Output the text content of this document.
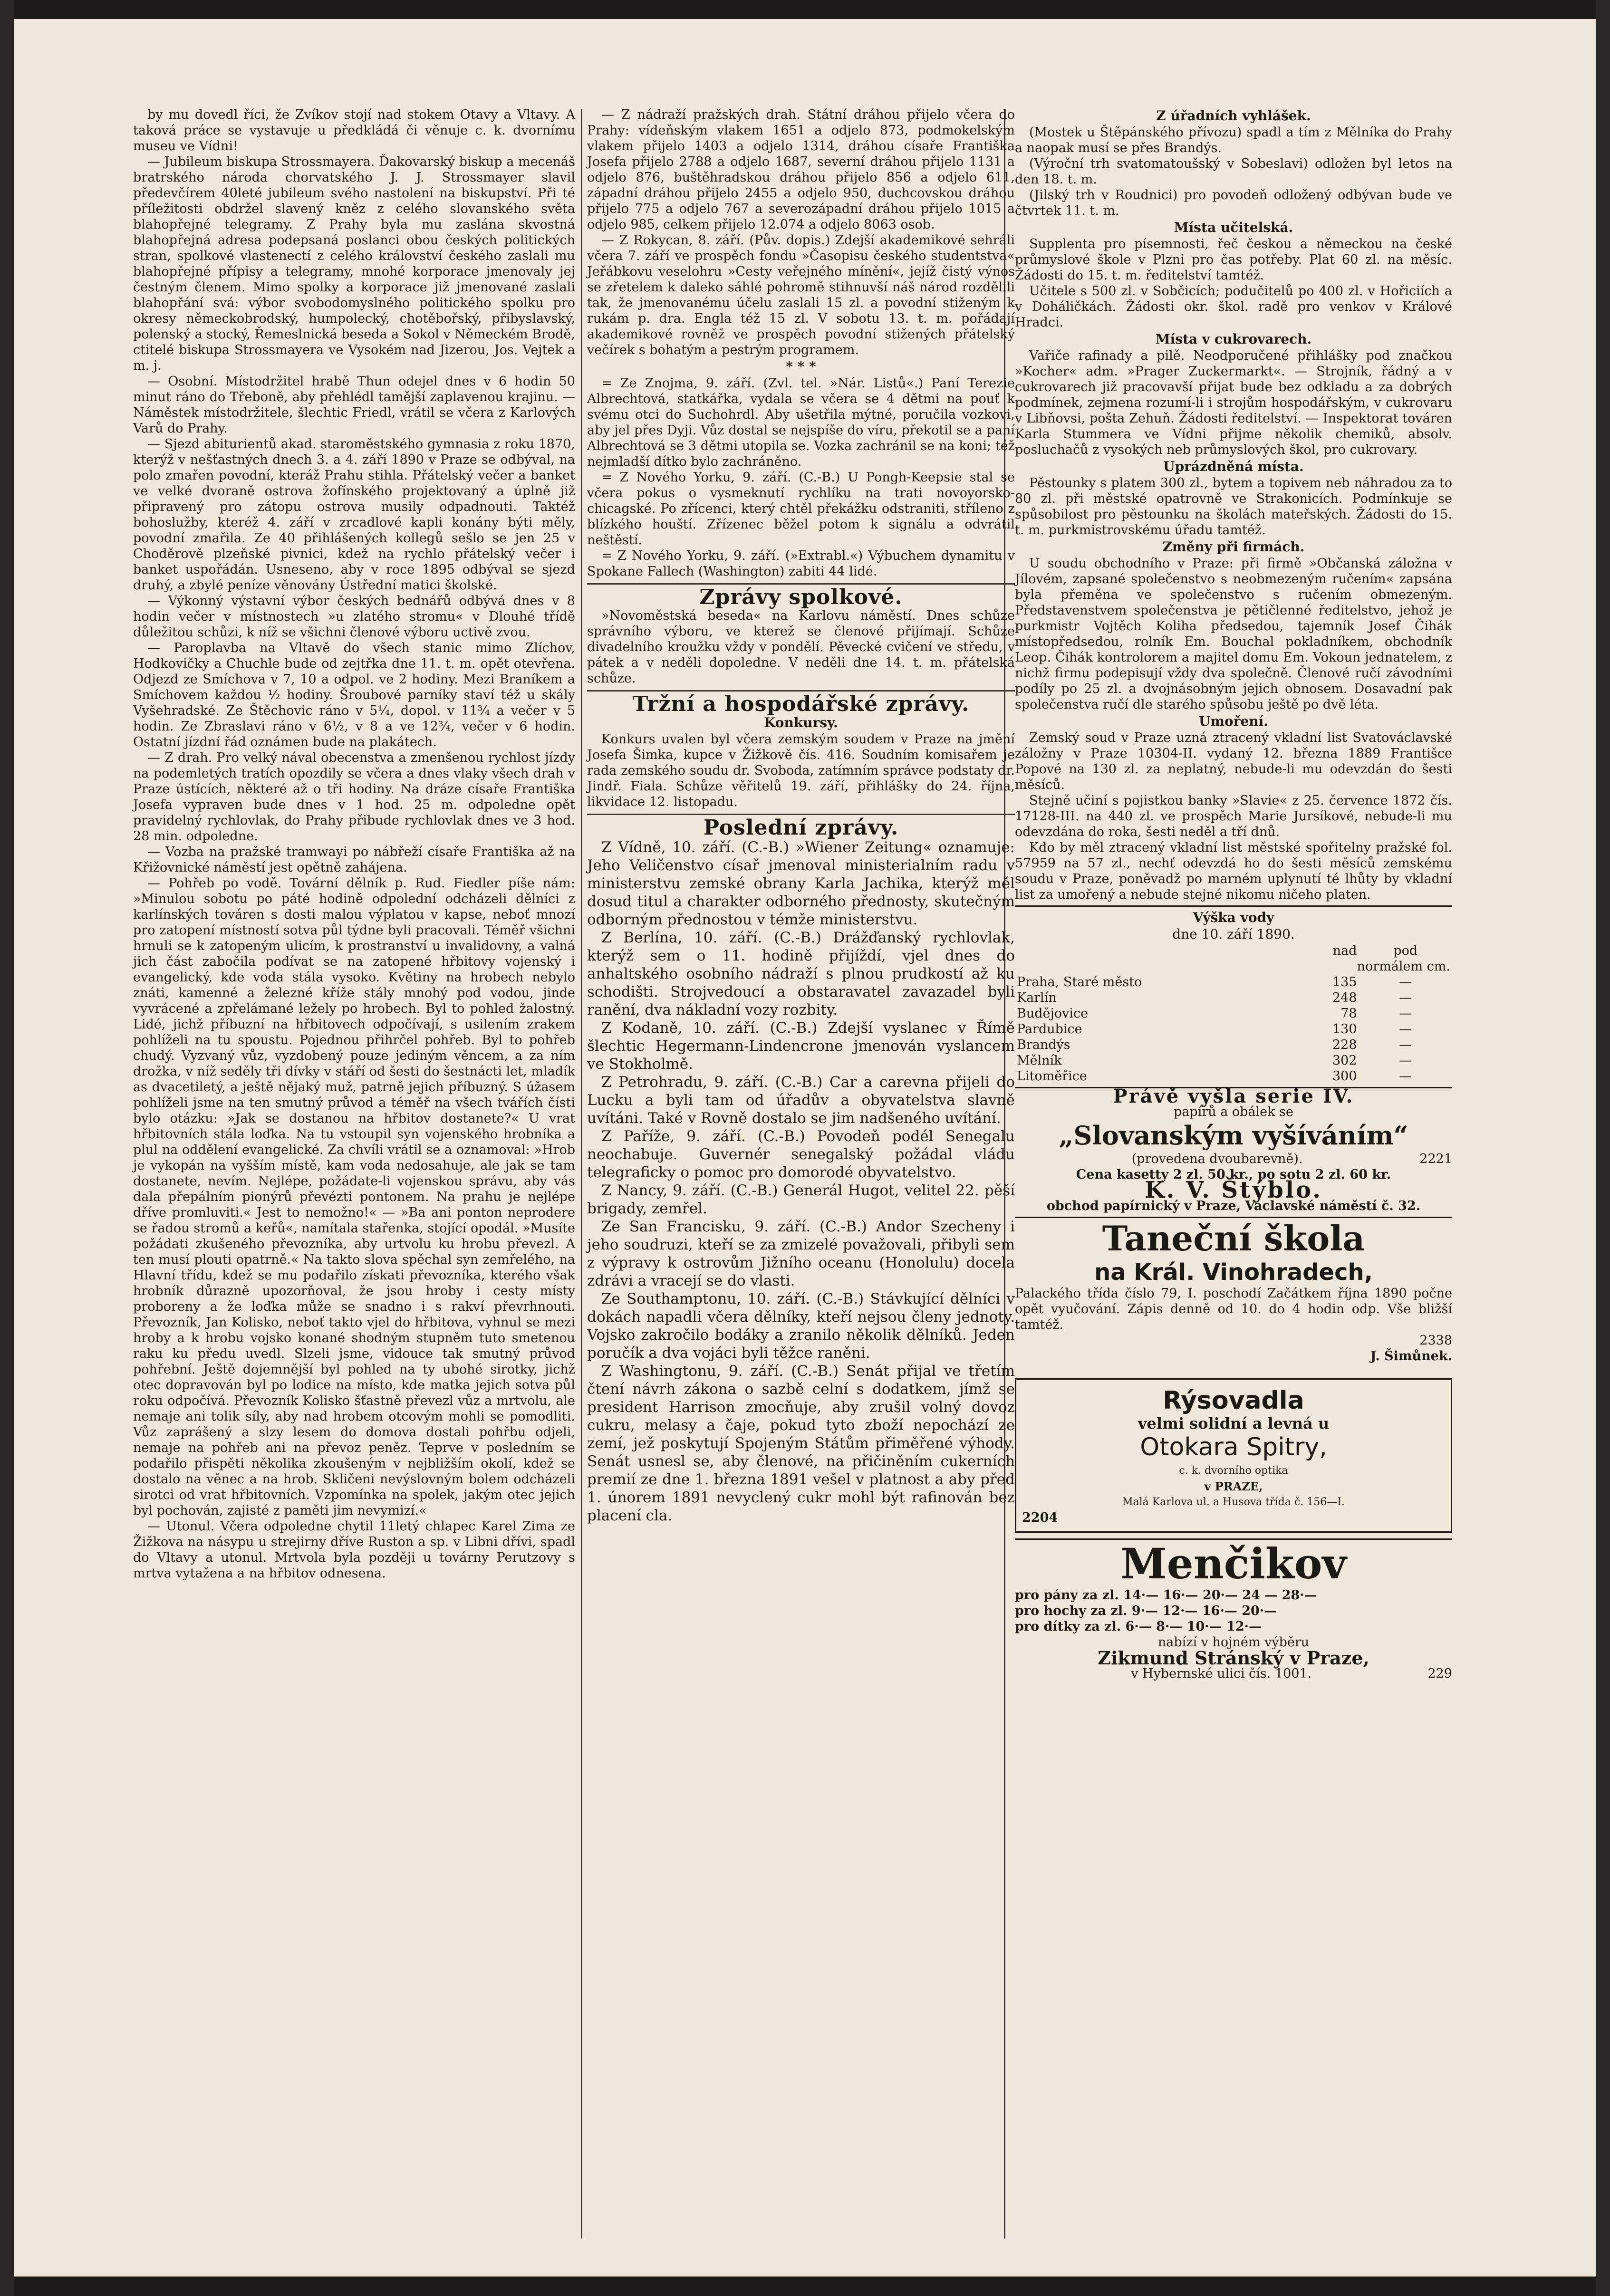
by mu dovedl říci, že Zvíkov stojí nad stokem Otavy a Vltavy. A taková práce se vystavuje u předkládá či věnuje c. k. dvornímu museu ve Vídni!

— Jubileum biskupa Strossmayera. Ďakovarský biskup a mecenáš bratrského národa chorvatského J. J. Strossmayer slavil předevčírem 40leté jubileum svého nastolení na biskupství. Při té příležitosti obdržel slavený kněz z celého slovanského světa blahopřejné telegramy. Z Prahy byla mu zaslána skvostná blahopřejná adresa podepsaná poslanci obou českých politických stran, spolkové vlastenectí z celého království českého zaslali mu blahopřejné přípisy a telegramy, mnohé korporace jmenovaly jej čestným členem. Mimo spolky a korporace již jmenované zaslali blahopřání svá: výbor svobodomyslného politického spolku pro okresy německobrodský, humpolecký, chotěbořský, přibyslavský, polenský a stocký, Řemeslnická beseda a Sokol v Německém Brodě, ctitelé biskupa Strossmayera ve Vysokém nad Jizerou, Jos. Vejtek a m. j.

— Osobní. Místodržitel hrabě Thun odejel dnes v 6 hodin 50 minut ráno do Třeboně, aby přehlédl tamější zaplavenou krajinu. — Náměstek místodržitele, šlechtic Friedl, vrátil se včera z Karlových Varů do Prahy.

— Sjezd abiturientů akad. staroměstského gymnasia z roku 1870, kterýž v nešťastných dnech 3. a 4. září 1890 v Praze se odbýval, na polo zmařen povodní, kteráž Prahu stihla. Přátelský večer a banket ve velké dvoraně ostrova žofínského projektovaný a úplně již připravený pro zátopu ostrova musily odpadnouti. Taktéž bohoslužby, kteréž 4. září v zrcadlové kapli konány býti měly, povodní zmařila. Ze 40 přihlášených kollegů sešlo se jen 25 v Choděrově plzeňské pivnici, kdež na rychlo přátelský večer i banket uspořádán. Usneseno, aby v roce 1895 odbýval se sjezd druhý, a zbylé peníze věnovány Ústřední matici školské.

— Výkonný výstavní výbor českých bednářů odbývá dnes v 8 hodin večer v místnostech »u zlatého stromu« v Dlouhé třídě důležitou schůzi, k níž se všichni členové výboru uctivě zvou.

— Paroplavba na Vltavě do všech stanic mimo Zlíchov, Hodkovičky a Chuchle bude od zejtřka dne 11. t. m. opět otevřena. Odjezd ze Smíchova v 7, 10 a odpol. ve 2 hodiny. Mezi Braníkem a Smíchovem každou ½ hodiny. Šroubové parníky staví též u skály Vyšehradské. Ze Štěchovic ráno v 5¼, dopol. v 11¾ a večer v 5 hodin. Ze Zbraslavi ráno v 6½, v 8 a ve 12¾, večer v 6 hodin. Ostatní jízdní řád oznámen bude na plakátech.

— Z drah. Pro velký nával obecenstva a zmenšenou rychlost jízdy na podemletých tratích opozdily se včera a dnes vlaky všech drah v Praze ústících, některé až o tři hodiny. Na dráze císaře Františka Josefa vypraven bude dnes v 1 hod. 25 m. odpoledne opět pravidelný rychlovlak, do Prahy přibude rychlovlak dnes ve 3 hod. 28 min. odpoledne.

— Vozba na pražské tramwayi po nábřeží císaře Františka až na Křižovnické náměstí jest opětně zahájena.

— Pohřeb po vodě. Tovární dělník p. Rud. Fiedler píše nám: »Minulou sobotu po páté hodině odpolední odcházeli dělníci z karlínských továren s dosti malou výplatou v kapse, neboť mnozí pro zatopení místností sotva půl týdne byli pracovali. Téměř všichni hrnuli se k zatopeným ulicím, k prostranství u invalidovny, a valná jich část zabočila podívat se na zatopené hřbitovy vojenský i evangelický, kde voda stála vysoko. Květiny na hrobech nebylo znáti, kamenné a železné kříže stály mnohý pod vodou, jinde vyvrácené a zpřelámané ležely po hrobech. Byl to pohled žalostný. Lidé, jichž příbuzní na hřbitovech odpočívají, s usilením zrakem pohlíželi na tu spoustu. Pojednou přihrčel pohřeb. Byl to pohřeb chudý. Vyzvaný vůz, vyzdobený pouze jediným věncem, a za ním drožka, v níž seděly tři dívky v stáří od šesti do šestnácti let, mladík as dvacetiletý, a ještě nějaký muž, patrně jejich příbuzný. S úžasem pohlíželi jsme na ten smutný průvod a téměř na všech tvářích čísti bylo otázku: »Jak se dostanou na hřbitov dostanete?« U vrat hřbitovních stála loďka. Na tu vstoupil syn vojenského hrobníka a plul na oddělení evangelické. Za chvíli vrátil se a oznamoval: »Hrob je vykopán na vyšším místě, kam voda nedosahuje, ale jak se tam dostanete, nevím. Nejlépe, požádate-li vojenskou správu, aby vás dala přepálním pionýrů převézti pontonem. Na prahu je nejlépe dříve promluviti.« Jest to nemožno!« — »Ba ani ponton neprodere se řadou stromů a keřů«, namítala stařenka, stojící opodál. »Musíte požádati zkušeného převozníka, aby urtvolu ku hrobu převezl. A ten musí plouti opatrně.« Na takto slova spěchal syn zemřelého, na Hlavní třídu, kdež se mu podařilo získati převozníka, kterého však hrobník důrazně upozorňoval, že jsou hroby i cesty místy proboreny a že loďka může se snadno i s rakví převrhnouti. Převozník, Jan Kolisko, neboť takto vjel do hřbitova, vyhnul se mezi hroby a k hrobu vojsko konané shodným stupněm tuto smetenou raku ku předu uvedl. Slzeli jsme, vidouce tak smutný průvod pohřební. Ještě dojemnější byl pohled na ty ubohé sirotky, jichž otec dopravován byl po lodice na místo, kde matka jejich sotva půl roku odpočívá. Převozník Kolisko šťastně převezl vůz a mrtvolu, ale nemaje ani tolik síly, aby nad hrobem otcovým mohli se pomodliti. Vůz zaprášený a slzy lesem do domova dostali pohřbu odjeli, nemaje na pohřeb ani na převoz peněz. Teprve v posledním se podařilo přispěti několika zkoušeným v nejbližším okolí, kdež se dostalo na věnec a na hrob. Skličeni nevýslovným bolem odcházeli sirotci od vrat hřbitovních. Vzpomínka na spolek, jakým otec jejich byl pochován, zajisté z paměti jim nevymizí.«

— Utonul. Včera odpoledne chytil 11letý chlapec Karel Zima ze Žižkova na násypu u strejirny dříve Ruston a sp. v Libni dřívi, spadl do Vltavy a utonul. Mrtvola byla později u továrny Perutzovy s mrtva vytažena a na hřbitov odnesena.

— Z nádraží pražských drah. Státní dráhou přijelo včera do Prahy: vídeňským vlakem 1651 a odjelo 873, podmokelským vlakem přijelo 1403 a odjelo 1314, dráhou císaře Františka Josefa přijelo 2788 a odjelo 1687, severní dráhou přijelo 1131 a odjelo 876, buštěhradskou dráhou přijelo 856 a odjelo 611, západní dráhou přijelo 2455 a odjelo 950, duchcovskou dráhou přijelo 775 a odjelo 767 a severozápadní dráhou přijelo 1015 a odjelo 985, celkem přijelo 12.074 a odjelo 8063 osob.

— Z Rokycan, 8. září. (Pův. dopis.) Zdejší akademikové sehráli včera 7. září ve prospěch fondu »Časopisu českého studentstva« Jeřábkovu veselohru »Cesty veřejného mínění«, jejíž čistý výnos se zřetelem k daleko sáhlé pohromě stihnuvší náš národ rozdělili tak, že jmenovanému účelu zaslali 15 zl. a povodní stiženým k rukám p. dra. Engla též 15 zl. V sobotu 13. t. m. pořádají akademikové rovněž ve prospěch povodní stižených přátelský večírek s bohatým a pestrým programem.

* * *

= Ze Znojma, 9. září. (Zvl. tel. »Nár. Listů«.) Paní Terezie Albrechtová, statkářka, vydala se včera se 4 dětmi na pouť k svému otci do Suchohrdl. Aby ušetřila mýtné, poručila vozkovi, aby jel přes Dyji. Vůz dostal se nejspíše do víru, překotil se a paní Albrechtová se 3 dětmi utopila se. Vozka zachránil se na koni; též nejmladší dítko bylo zachráněno.

= Z Nového Yorku, 9. září. (C.-B.) U Pongh-Keepsie stal se včera pokus o vysmeknutí rychlíku na trati novoyorsko-chicagské. Po zřícenci, který chtěl překážku odstraniti, stříleno z blízkého houští. Zřízenec běžel potom k signálu a odvrátil neštěstí.

= Z Nového Yorku, 9. září. (»Extrabl.«) Výbuchem dynamitu v Spokane Fallech (Washington) zabiti 44 lidé.

Zprávy spolkové.

»Novoměstská beseda« na Karlovu náměstí. Dnes schůze správního výboru, ve kterež se členové přijímají. Schůze divadelního kroužku vždy v pondělí. Pěvecké cvičení ve středu, v pátek a v neděli dopoledne. V neděli dne 14. t. m. přátelská schůze.

Tržní a hospodářské zprávy.
Konkursy.

Konkurs uvalen byl včera zemským soudem v Praze na jmění Josefa Šimka, kupce v Žižkově čís. 416. Soudním komisařem je rada zemského soudu dr. Svoboda, zatímním správce podstaty dr. Jindř. Fiala. Schůze věřitelů 19. září, přihlášky do 24. října, likvidace 12. listopadu.

Poslední zprávy.

Z Vídně, 10. září. (C.-B.) »Wiener Zeitung« oznamuje: Jeho Veličenstvo císař jmenoval ministerialním radu v ministerstvu zemské obrany Karla Jachika, kterýž měl dosud titul a charakter odborného přednosty, skutečným odborným přednostou v témže ministerstvu.

Z Berlína, 10. září. (C.-B.) Drážďanský rychlovlak, kterýž sem o 11. hodině přijíždí, vjel dnes do anhaltského osobního nádraží s plnou prudkostí až ku schodišti. Strojvedoucí a obstaravatel zavazadel byli ranění, dva nákladní vozy rozbity.

Z Kodaně, 10. září. (C.-B.) Zdejší vyslanec v Římě šlechtic Hegermann-Lindencrone jmenován vyslancem ve Stokholmě.

Z Petrohradu, 9. září. (C.-B.) Car a carevna přijeli do Lucku a byli tam od úřadův a obyvatelstva slavně uvítáni. Také v Rovně dostalo se jim nadšeného uvítání.

Z Paříže, 9. září. (C.-B.) Povodeň podél Senegalu neochabuje. Guvernér senegalský požádal vládu telegraficky o pomoc pro domorodé obyvatelstvo.

Z Nancy, 9. září. (C.-B.) Generál Hugot, velitel 22. pěší brigady, zemřel.

Ze San Francisku, 9. září. (C.-B.) Andor Szecheny i jeho soudruzi, kteří se za zmizelé považovali, přibyli sem z výpravy k ostrovům Jižního oceanu (Honolulu) docela zdrávi a vracejí se do vlasti.

Ze Southamptonu, 10. září. (C.-B.) Stávkující dělníci v dokách napadli včera dělníky, kteří nejsou členy jednoty. Vojsko zakročilo bodáky a zranilo několik dělníků. Jeden poručík a dva vojáci byli těžce raněni.

Z Washingtonu, 9. září. (C.-B.) Senát přijal ve třetím čtení návrh zákona o sazbě celní s dodatkem, jímž se president Harrison zmocňuje, aby zrušil volný dovoz cukru, melasy a čaje, pokud tyto zboží nepochází ze zemí, jež poskytují Spojeným Státům přiměřené výhody. Senát usnesl se, aby členové, na přičiněním cukerních premií ze dne 1. března 1891 vešel v platnost a aby před 1. únorem 1891 nevyclený cukr mohl být rafinován bez placení cla.

Z úřadních vyhlášek.

(Mostek u Štěpánského přívozu) spadl a tím z Mělníka do Prahy a naopak musí se přes Brandýs.

(Výroční trh svatomatoušský v Sobeslavi) odložen byl letos na den 18. t. m.

(Jilský trh v Roudnici) pro povodeň odložený odbývan bude ve čtvrtek 11. t. m.

Místa učitelská.

Supplenta pro písemnosti, řeč českou a německou na české průmyslové škole v Plzni pro čas potřeby. Plat 60 zl. na měsíc. Žádosti do 15. t. m. ředitelství tamtéž.

Učitele s 500 zl. v Sobčicích; podučitelů po 400 zl. v Hořiciích a v Doháličkách. Žádosti okr. škol. radě pro venkov v Králové Hradci.

Místa v cukrovarech.

Vařiče rafinady a pilě. Neodporučené přihlášky pod značkou »Kocher« adm. »Prager Zuckermarkt«. — Strojník, řádný a v cukrovarech již pracovavší přijat bude bez odkladu a za dobrých podmínek, zejmena rozumí-li i strojům hospodářským, v cukrovaru v Libňovsi, pošta Zehuň. Žádosti ředitelství. — Inspektorat továren Karla Stummera ve Vídni přijme několik chemiků, absolv. posluchačů z vysokých neb průmyslových škol, pro cukrovary.

Uprázdněná místa.

Pěstounky s platem 300 zl., bytem a topivem neb náhradou za to 80 zl. při městské opatrovně ve Strakonicích. Podmínkuje se spůsobilost pro pěstounku na školách mateřských. Žádosti do 15. t. m. purkmistrovskému úřadu tamtéž.

Změny při firmách.

U soudu obchodního v Praze: při firmě »Občanská záložna v Jílovém, zapsané společenstvo s neobmezeným ručením« zapsána byla přeměna ve společenstvo s ručením obmezeným. Představenstvem společenstva je pětičlenné ředitelstvo, jehož je purkmistr Vojtěch Koliha předsedou, tajemník Josef Čihák místopředsedou, rolník Em. Bouchal pokladníkem, obchodník Leop. Čihák kontrolorem a majitel domu Em. Vokoun jednatelem, z nichž firmu podepisují vždy dva společně. Členové ručí závodními podíly po 25 zl. a dvojnásobným jejich obnosem. Dosavadní pak společenstva ručí dle starého spůsobu ještě po dvě léta.

Umoření.

Zemský soud v Praze uzná ztracený vkladní list Svatováclavské záložny v Praze 10304-II. vydaný 12. března 1889 Františce Popové na 130 zl. za neplatný, nebude-li mu odevzdán do šesti měsíců.

Stejně učiní s pojistkou banky »Slavie« z 25. července 1872 čís. 17128-III. na 440 zl. ve prospěch Marie Jursíkové, nebude-li mu odevzdána do roka, šesti neděl a tří dnů.

Kdo by měl ztracený vkladní list městské spořitelny pražské fol. 57959 na 57 zl., nechť odevzdá ho do šesti měsíců zemskému soudu v Praze, poněvadž po marném uplynutí té lhůty by vkladní list za umořený a nebude stejné nikomu ničeho platen.

Výška vody
dne 10. září 1890.
	nad	pod
	normálem cm.	
Praha, Staré město	135	—
Karlín	248	—
Budějovice	78	—
Pardubice	130	—
Brandýs	228	—
Mělník	302	—
Litoměřice	300	—
Právě vyšla serie IV.
papírů a obálek se
„Slovanským vyšíváním“
(provedena dvoubarevně).	2221
Cena kasetty 2 zl. 50 kr., po sotu 2 zl. 60 kr.
K. V. Štýblo.
obchod papírnický v Praze, Václavské náměstí č. 32.
Taneční škola
na Král. Vinohradech,
Palackého třída číslo 79, I. poschodí Začátkem října 1890 počne opět vyučování. Zápis denně od 10. do 4 hodin odp. Vše bližší tamtéž.
2338
J. Šimůnek.
Rýsovadla
velmi solidní a levná u
Otokara Spitry,
c. k. dvorního optika
v PRAZE,
Malá Karlova ul. a Husova třída č. 156—I.
2204
Menčikov
pro pány za zl. 14·— 16·— 20·— 24 — 28·—
pro hochy za zl. 9·— 12·— 16·— 20·—
pro dítky za zl. 6·— 8·— 10·— 12·—
nabízí v hojném výběru
Zikmund Stránský v Praze,
v Hybernské ulici čís. 1001.	229
